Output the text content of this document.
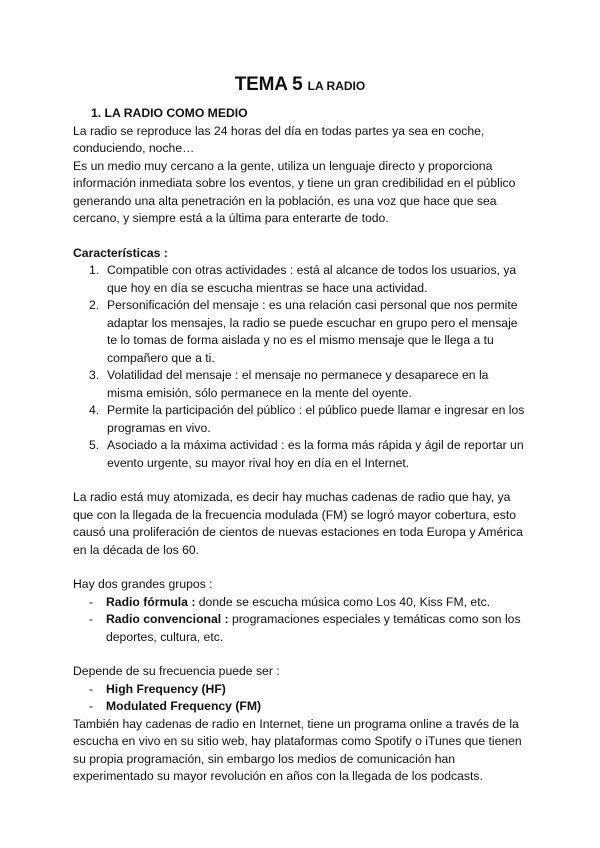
TEMA 5 LA RADIO

1. LA RADIO COMO MEDIO

La radio se reproduce las 24 horas del día en todas partes ya sea en coche, conduciendo, noche…

Es un medio muy cercano a la gente, utiliza un lenguaje directo y proporciona información inmediata sobre los eventos, y tiene un gran credibilidad en el público generando una alta penetración en la población, es una voz que hace que sea cercano, y siempre está a la última para enterarte de todo.

Características :

1. Compatible con otras actividades : está al alcance de todos los usuarios, ya que hoy en día se escucha mientras se hace una actividad.
2. Personificación del mensaje : es una relación casi personal que nos permite adaptar los mensajes, la radio se puede escuchar en grupo pero el mensaje te lo tomas de forma aislada y no es el mismo mensaje que le llega a tu compañero que a ti.
3. Volatilidad del mensaje : el mensaje no permanece y desaparece en la misma emisión, sólo permanece en la mente del oyente.
4. Permite la participación del público : el público puede llamar e ingresar en los programas en vivo.
5. Asociado a la máxima actividad : es la forma más rápida y ágil de reportar un evento urgente, su mayor rival hoy en día en el Internet.

La radio está muy atomizada, es decir hay muchas cadenas de radio que hay, ya que con la llegada de la frecuencia modulada (FM) se logró mayor cobertura, esto causó una proliferación de cientos de nuevas estaciones en toda Europa y América en la década de los 60.

Hay dos grandes grupos :

- Radio fórmula : donde se escucha música como Los 40, Kiss FM, etc.
- Radio convencional : programaciones especiales y temáticas como son los deportes, cultura, etc.

Depende de su frecuencia puede ser :

- High Frequency (HF)
- Modulated Frequency (FM)

También hay cadenas de radio en Internet, tiene un programa online a través de la escucha en vivo en su sitio web, hay plataformas como Spotify o iTunes que tienen su propia programación, sin embargo los medios de comunicación han experimentado su mayor revolución en años con la llegada de los podcasts.
